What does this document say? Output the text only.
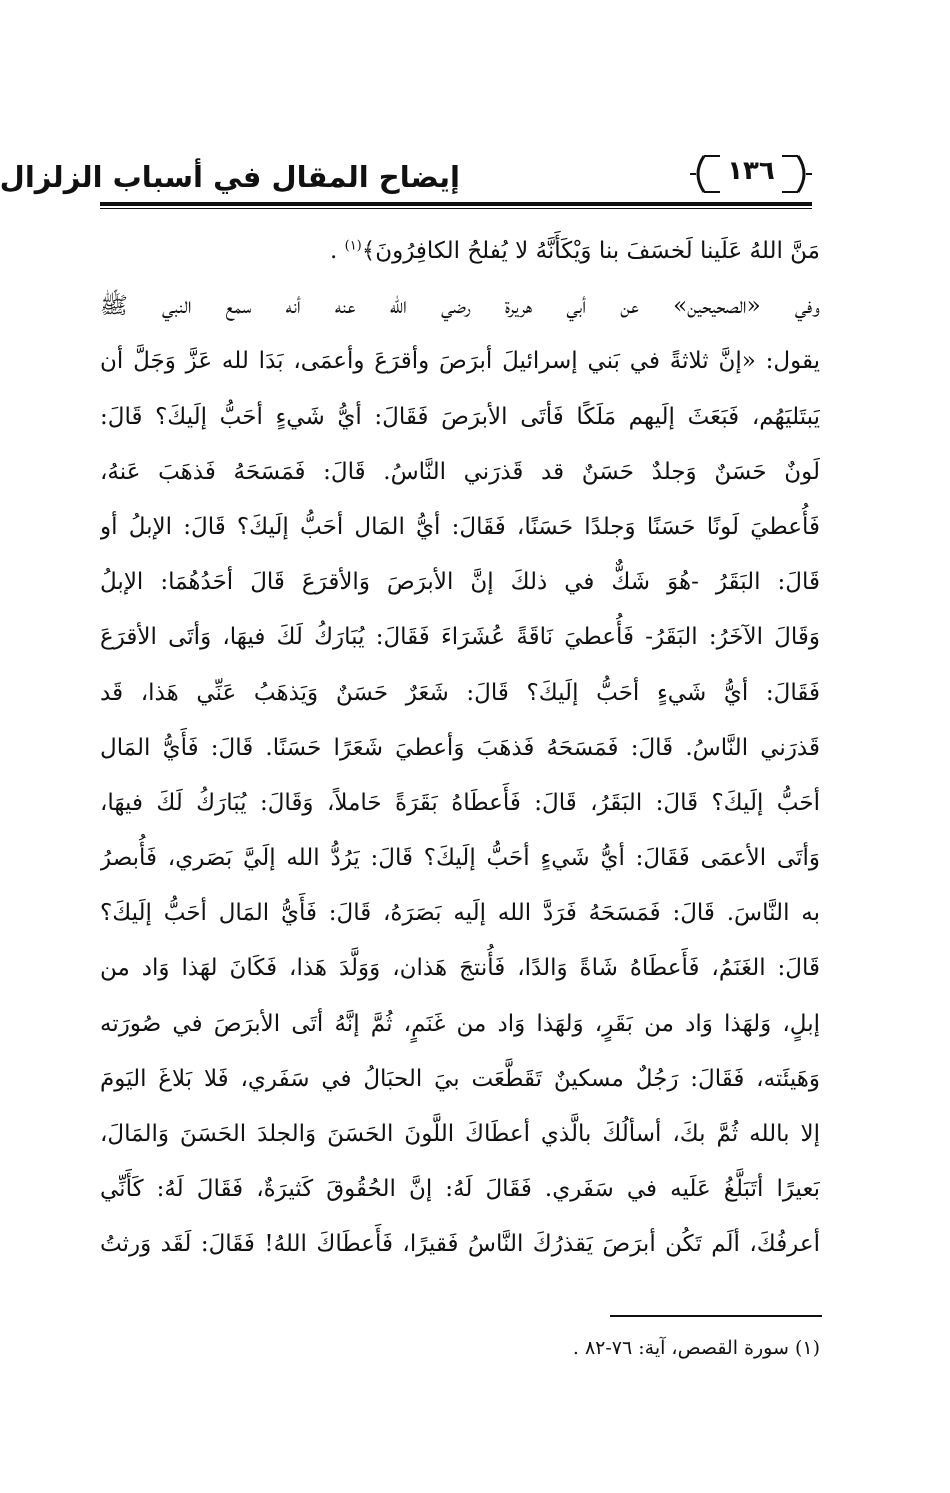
إيضاح المقال في أسباب الزلزال	١٣٦
مَنَّ اللهُ عَلَينا لَخسَفَ بنا وَيْكَأَنَّهُ لا يُفلحُ الكافِرُونَ﴾$^{(١)}$ .
وفي «الصحيحين» عن أبي هريرة رضي الله عنه أنه سمع النبي ﷺ
يقول: «إنَّ ثلاثةً في بَني إسرائيلَ أبرَصَ وأقرَعَ وأعمَى، بَدَا لله عَزَّ وَجَلَّ أن
يَبتَليَهُم، فَبَعَثَ إلَيهم مَلَكًا فَأتَى الأبرَصَ فَقَالَ: أيُّ شَيءٍ أحَبُّ إلَيكَ؟ قَالَ:
لَونٌ حَسَنٌ وَجلدٌ حَسَنٌ قد قَذرَني النَّاسُ. قَالَ: فَمَسَحَهُ فَذهَبَ عَنهُ،
فَأُعطيَ لَونًا حَسَنًا وَجلدًا حَسَنًا، فَقَالَ: أيُّ المَال أحَبُّ إلَيكَ؟ قَالَ: الإبلُ أو
قَالَ: البَقَرُ -هُوَ شَكٌّ في ذلكَ إنَّ الأبرَصَ وَالأقرَعَ قَالَ أحَدُهُمَا: الإبلُ
وَقَالَ الآخَرُ: البَقَرُ- فَأُعطيَ نَاقَةً عُشَرَاءَ فَقَالَ: يُبَارَكُ لَكَ فيهَا، وَأتَى الأقرَعَ
فَقَالَ: أيُّ شَيءٍ أحَبُّ إلَيكَ؟ قَالَ: شَعَرٌ حَسَنٌ وَيَذهَبُ عَنِّي هَذا، قَد
قَذرَني النَّاسُ. قَالَ: فَمَسَحَهُ فَذهَبَ وَأعطيَ شَعَرًا حَسَنًا. قَالَ: فَأَيُّ المَال
أحَبُّ إلَيكَ؟ قَالَ: البَقَرُ، قَالَ: فَأَعطَاهُ بَقَرَةً حَاملاً، وَقَالَ: يُبَارَكُ لَكَ فيهَا،
وَأتَى الأعمَى فَقَالَ: أيُّ شَيءٍ أحَبُّ إلَيكَ؟ قَالَ: يَرُدُّ الله إلَيَّ بَصَري، فَأُبصرُ
به النَّاسَ. قَالَ: فَمَسَحَهُ فَرَدَّ الله إلَيه بَصَرَهُ، قَالَ: فَأَيُّ المَال أحَبُّ إلَيكَ؟
قَالَ: الغَنَمُ، فَأَعطَاهُ شَاةً وَالدًا، فَأُنتجَ هَذان، وَوَلَّدَ هَذا، فَكَانَ لهَذا وَاد من
إبلٍ، وَلهَذا وَاد من بَقَرٍ، وَلهَذا وَاد من غَنَمٍ، ثُمَّ إنَّهُ أتَى الأبرَصَ في صُورَته
وَهَيئَته، فَقَالَ: رَجُلٌ مسكينٌ تَقَطَّعَت بيَ الحبَالُ في سَفَري، فَلا بَلاغَ اليَومَ
إلا بالله ثُمَّ بكَ، أسألُكَ بالَّذي أعطَاكَ اللَّونَ الحَسَنَ وَالجلدَ الحَسَنَ وَالمَالَ،
بَعيرًا أتَبَلَّغُ عَلَيه في سَفَري. فَقَالَ لَهُ: إنَّ الحُقُوقَ كَثيرَةٌ، فَقَالَ لَهُ: كَأَنِّي
أعرفُكَ، ألَم تَكُن أبرَصَ يَقذرُكَ النَّاسُ فَقيرًا، فَأَعطَاكَ اللهُ! فَقَالَ: لَقَد وَرثتُ
(١) سورة القصص، آية: ٧٦-٨٢ .
